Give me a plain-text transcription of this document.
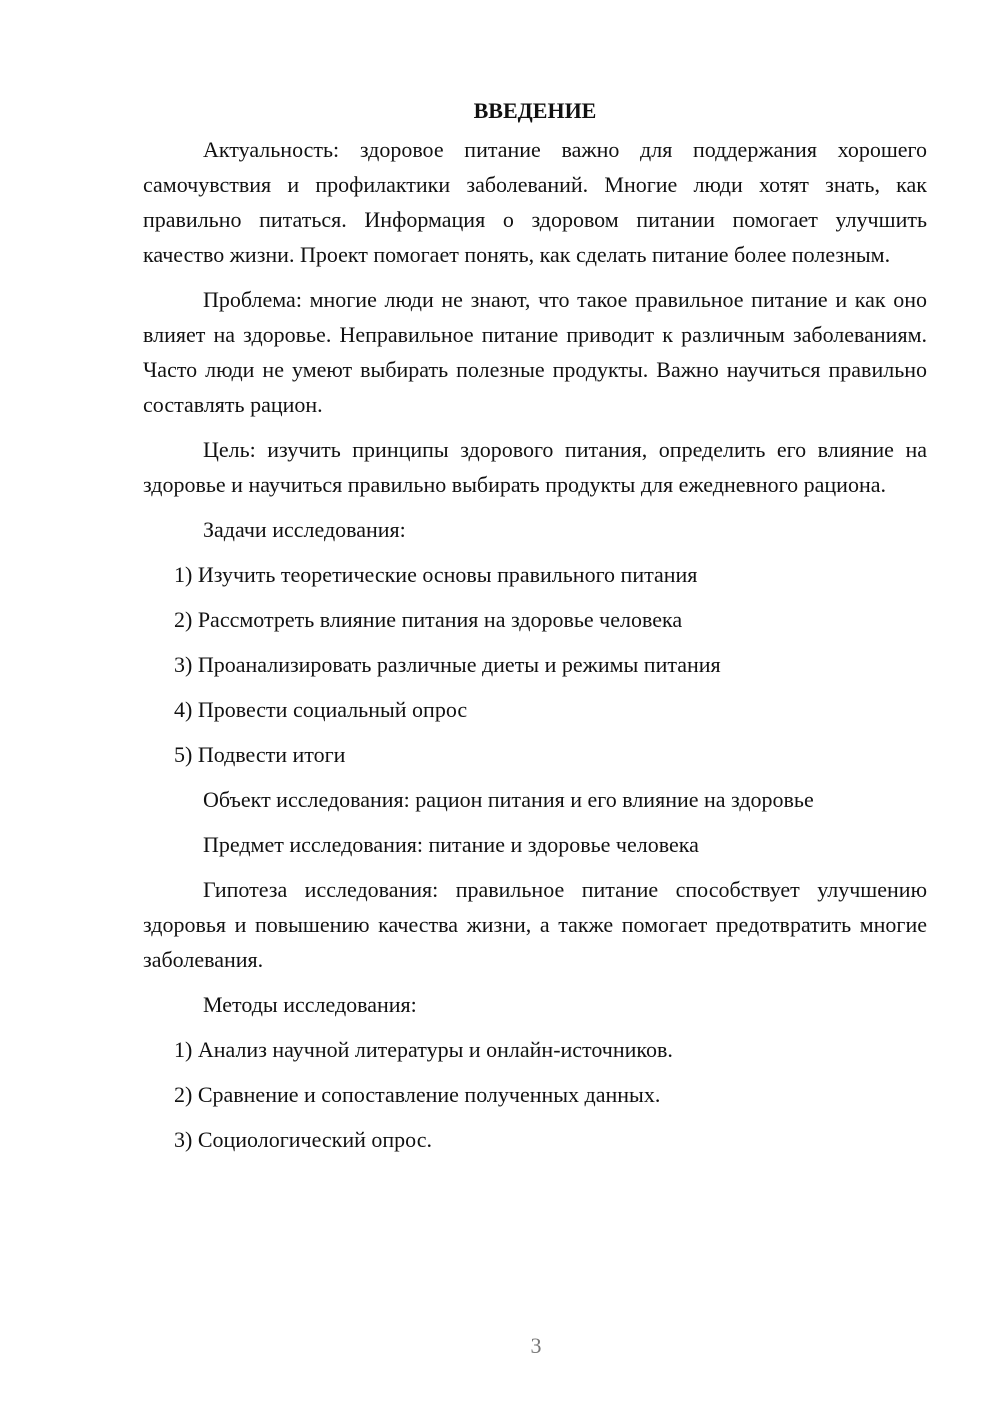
ВВЕДЕНИЕ

Актуальность: здоровое питание важно для поддержания хорошего самочувствия и профилактики заболеваний. Многие люди хотят знать, как правильно питаться. Информация о здоровом питании помогает улучшить качество жизни. Проект помогает понять, как сделать питание более полезным.

Проблема: многие люди не знают, что такое правильное питание и как оно влияет на здоровье. Неправильное питание приводит к различным заболеваниям. Часто люди не умеют выбирать полезные продукты. Важно научиться правильно составлять рацион.

Цель: изучить принципы здорового питания, определить его влияние на здоровье и научиться правильно выбирать продукты для ежедневного рациона.

Задачи исследования:
1) Изучить теоретические основы правильного питания
2) Рассмотреть влияние питания на здоровье человека
3) Проанализировать различные диеты и режимы питания
4) Провести социальный опрос
5) Подвести итоги
Объект исследования: рацион питания и его влияние на здоровье
Предмет исследования: питание и здоровье человека

Гипотеза исследования: правильное питание способствует улучшению здоровья и повышению качества жизни, а также помогает предотвратить многие заболевания.

Методы исследования:
1) Анализ научной литературы и онлайн-источников.
2) Сравнение и сопоставление полученных данных.
3) Социологический опрос.
3
